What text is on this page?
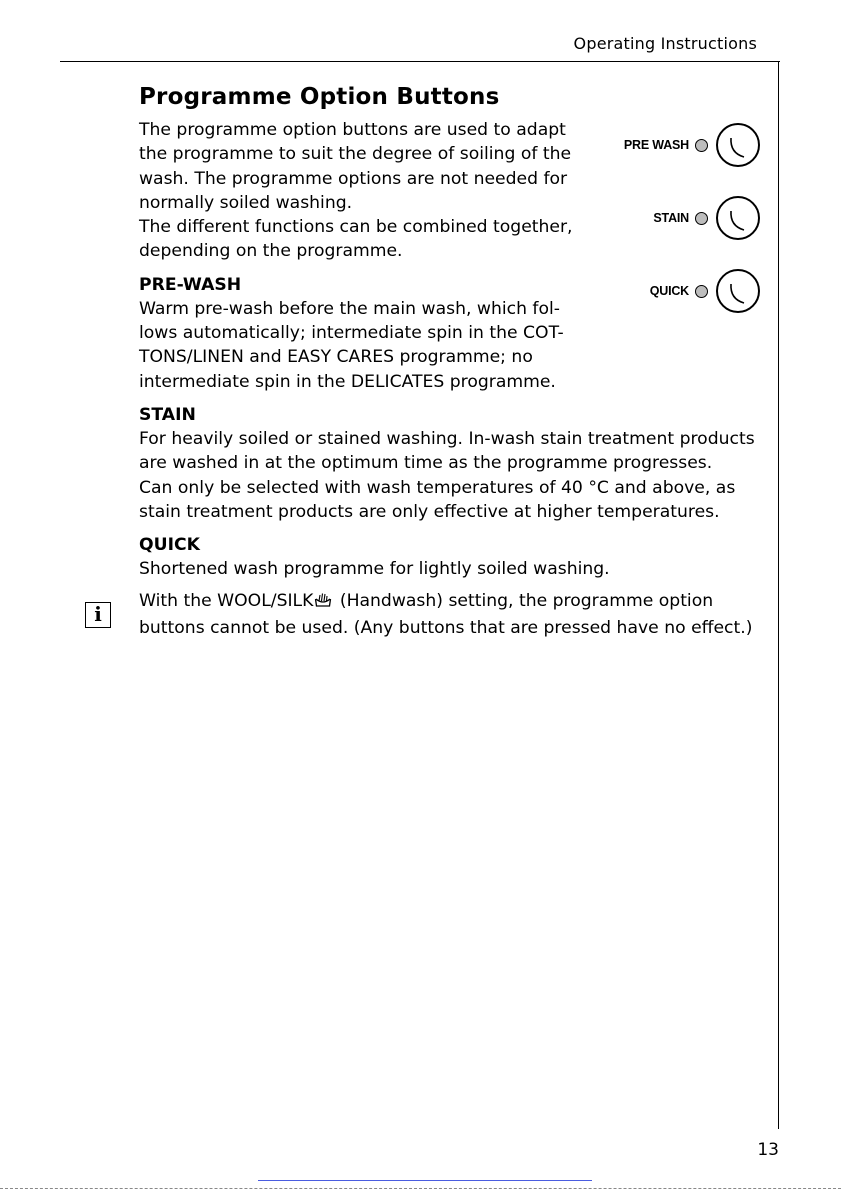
Operating Instructions
Programme Option Buttons

The programme option buttons are used to adapt the programme to suit the degree of soiling of the wash. The programme options are not needed for normally soiled washing.

The different functions can be combined together, depending on the programme.

PRE-WASH

Warm pre-wash before the main wash, which fol-lows automatically; intermediate spin in the COT-TONS/LINEN and EASY CARES programme; no intermediate spin in the DELICATES programme.

STAIN

For heavily soiled or stained washing. In-wash stain treatment products are washed in at the optimum time as the programme progresses.

Can only be selected with wash temperatures of 40 °C and above, as stain treatment products are only effective at higher temperatures.

QUICK

Shortened wash programme for lightly soiled washing.

With the WOOL/SILK (Handwash) setting, the programme option buttons cannot be used. (Any buttons that are pressed have no effect.)

i
PRE WASH
STAIN
QUICK
13
